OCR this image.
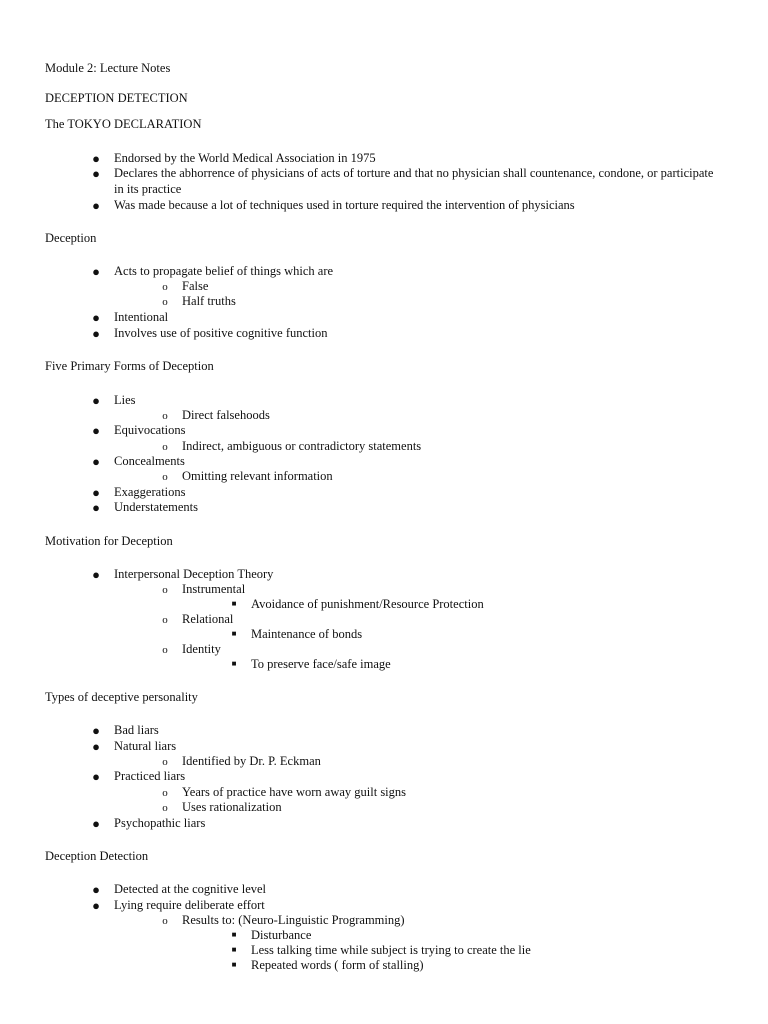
Module 2: Lecture Notes
DECEPTION DETECTION
The TOKYO DECLARATION
● Endorsed by the World Medical Association in 1975
● Declares the abhorrence of physicians of acts of torture and that no physician shall countenance, condone, or participate
in its practice
● Was made because a lot of techniques used in torture required the intervention of physicians
Deception
● Acts to propagate belief of things which are
o False
o Half truths
● Intentional
● Involves use of positive cognitive function
Five Primary Forms of Deception
● Lies
o Direct falsehoods
● Equivocations
o Indirect, ambiguous or contradictory statements
● Concealments
o Omitting relevant information
● Exaggerations
● Understatements
Motivation for Deception
● Interpersonal Deception Theory
o Instrumental
■ Avoidance of punishment/Resource Protection
o Relational
■ Maintenance of bonds
o Identity
■ To preserve face/safe image
Types of deceptive personality
● Bad liars
● Natural liars
o Identified by Dr. P. Eckman
● Practiced liars
o Years of practice have worn away guilt signs
o Uses rationalization
● Psychopathic liars
Deception Detection
● Detected at the cognitive level
● Lying require deliberate effort
o Results to: (Neuro-Linguistic Programming)
■ Disturbance
■ Less talking time while subject is trying to create the lie
■ Repeated words ( form of stalling)
